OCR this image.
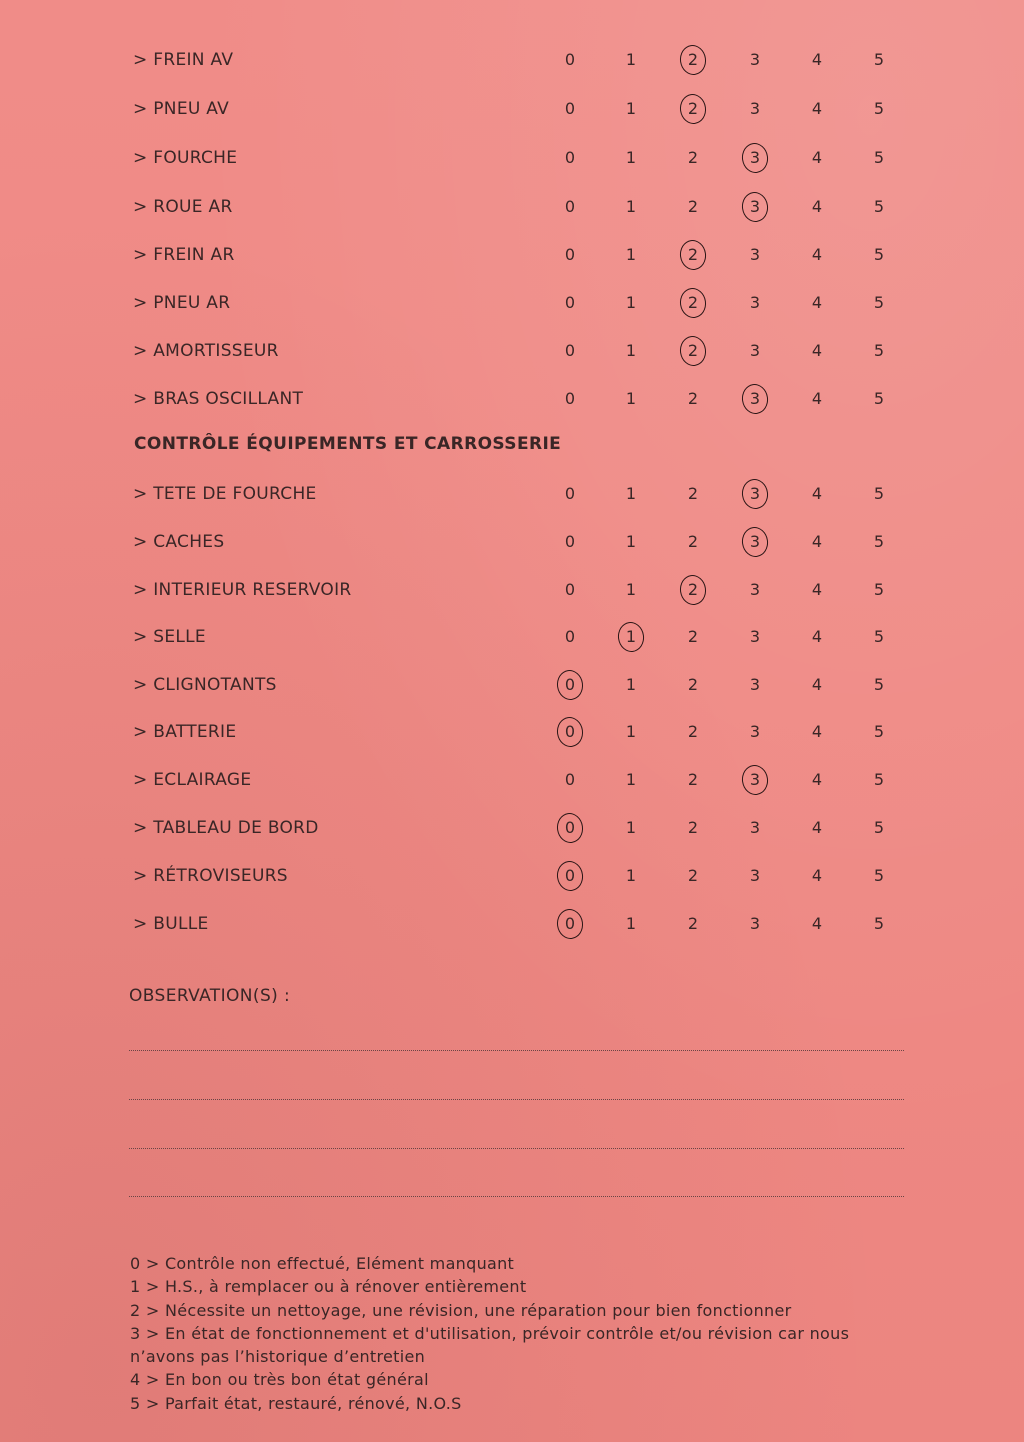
> FREIN AV	0	1	2	3	4	5
> PNEU AV	0	1	2	3	4	5
> FOURCHE	0	1	2	3	4	5
> ROUE AR	0	1	2	3	4	5
> FREIN AR	0	1	2	3	4	5
> PNEU AR	0	1	2	3	4	5
> AMORTISSEUR	0	1	2	3	4	5
> BRAS OSCILLANT	0	1	2	3	4	5
> TETE DE FOURCHE	0	1	2	3	4	5
> CACHES	0	1	2	3	4	5
> INTERIEUR RESERVOIR	0	1	2	3	4	5
> SELLE	0	1	2	3	4	5
> CLIGNOTANTS	0	1	2	3	4	5
> BATTERIE	0	1	2	3	4	5
> ECLAIRAGE	0	1	2	3	4	5
> TABLEAU DE BORD	0	1	2	3	4	5
> RÉTROVISEURS	0	1	2	3	4	5
> BULLE	0	1	2	3	4	5
CONTRÔLE ÉQUIPEMENTS ET CARROSSERIE
OBSERVATION(S) :

0 > Contrôle non effectué, Elément manquant

1 > H.S., à remplacer ou à rénover entièrement

2 > Nécessite un nettoyage, une révision, une réparation pour bien fonctionner

3 > En état de fonctionnement et d'utilisation, prévoir contrôle et/ou révision car nous n’avons pas l’historique d’entretien

4 > En bon ou très bon état général

5 > Parfait état, restauré, rénové, N.O.S
